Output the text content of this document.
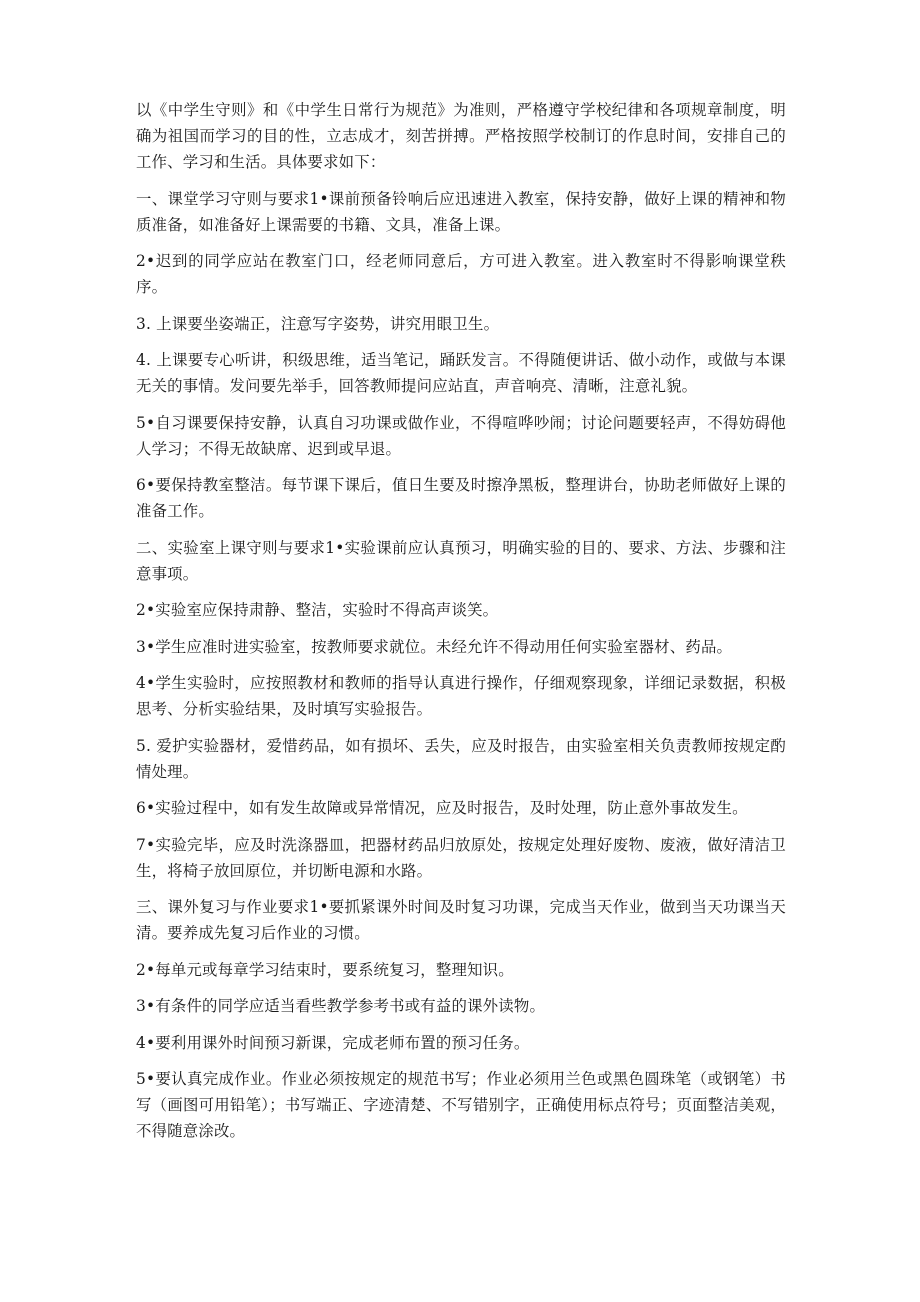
以《中学生守则》和《中学生日常行为规范》为准则，严格遵守学校纪律和各项规章制度，明确为祖国而学习的目的性，立志成才，刻苦拼搏。严格按照学校制订的作息时间，安排自己的工作、学习和生活。具体要求如下：

一、课堂学习守则与要求1•课前预备铃响后应迅速进入教室，保持安静，做好上课的精神和物质准备，如准备好上课需要的书籍、文具，准备上课。

2•迟到的同学应站在教室门口，经老师同意后，方可进入教室。进入教室时不得影响课堂秩序。

3. 上课要坐姿端正，注意写字姿势，讲究用眼卫生。

4. 上课要专心听讲，积级思维，适当笔记，踊跃发言。不得随便讲话、做小动作，或做与本课无关的事情。发问要先举手，回答教师提问应站直，声音响亮、清晰，注意礼貌。

5•自习课要保持安静，认真自习功课或做作业，不得喧哗吵闹；讨论问题要轻声，不得妨碍他人学习；不得无故缺席、迟到或早退。

6•要保持教室整洁。每节课下课后，值日生要及时擦净黑板，整理讲台，协助老师做好上课的准备工作。

二、实验室上课守则与要求1•实验课前应认真预习，明确实验的目的、要求、方法、步骤和注意事项。

2•实验室应保持肃静、整洁，实验时不得高声谈笑。

3•学生应准时进实验室，按教师要求就位。未经允许不得动用任何实验室器材、药品。

4•学生实验时，应按照教材和教师的指导认真进行操作，仔细观察现象，详细记录数据，积极思考、分析实验结果，及时填写实验报告。

5. 爱护实验器材，爱惜药品，如有损坏、丢失，应及时报告，由实验室相关负责教师按规定酌情处理。

6•实验过程中，如有发生故障或异常情况，应及时报告，及时处理，防止意外事故发生。

7•实验完毕，应及时洗涤器皿，把器材药品归放原处，按规定处理好废物、废液，做好清洁卫生，将椅子放回原位，并切断电源和水路。

三、课外复习与作业要求1•要抓紧课外时间及时复习功课，完成当天作业，做到当天功课当天清。要养成先复习后作业的习惯。

2•每单元或每章学习结束时，要系统复习，整理知识。

3•有条件的同学应适当看些教学参考书或有益的课外读物。

4•要利用课外时间预习新课，完成老师布置的预习任务。

5•要认真完成作业。作业必须按规定的规范书写；作业必须用兰色或黑色圆珠笔（或钢笔）书写（画图可用铅笔）；书写端正、字迹清楚、不写错别字，正确使用标点符号；页面整洁美观，不得随意涂改。
